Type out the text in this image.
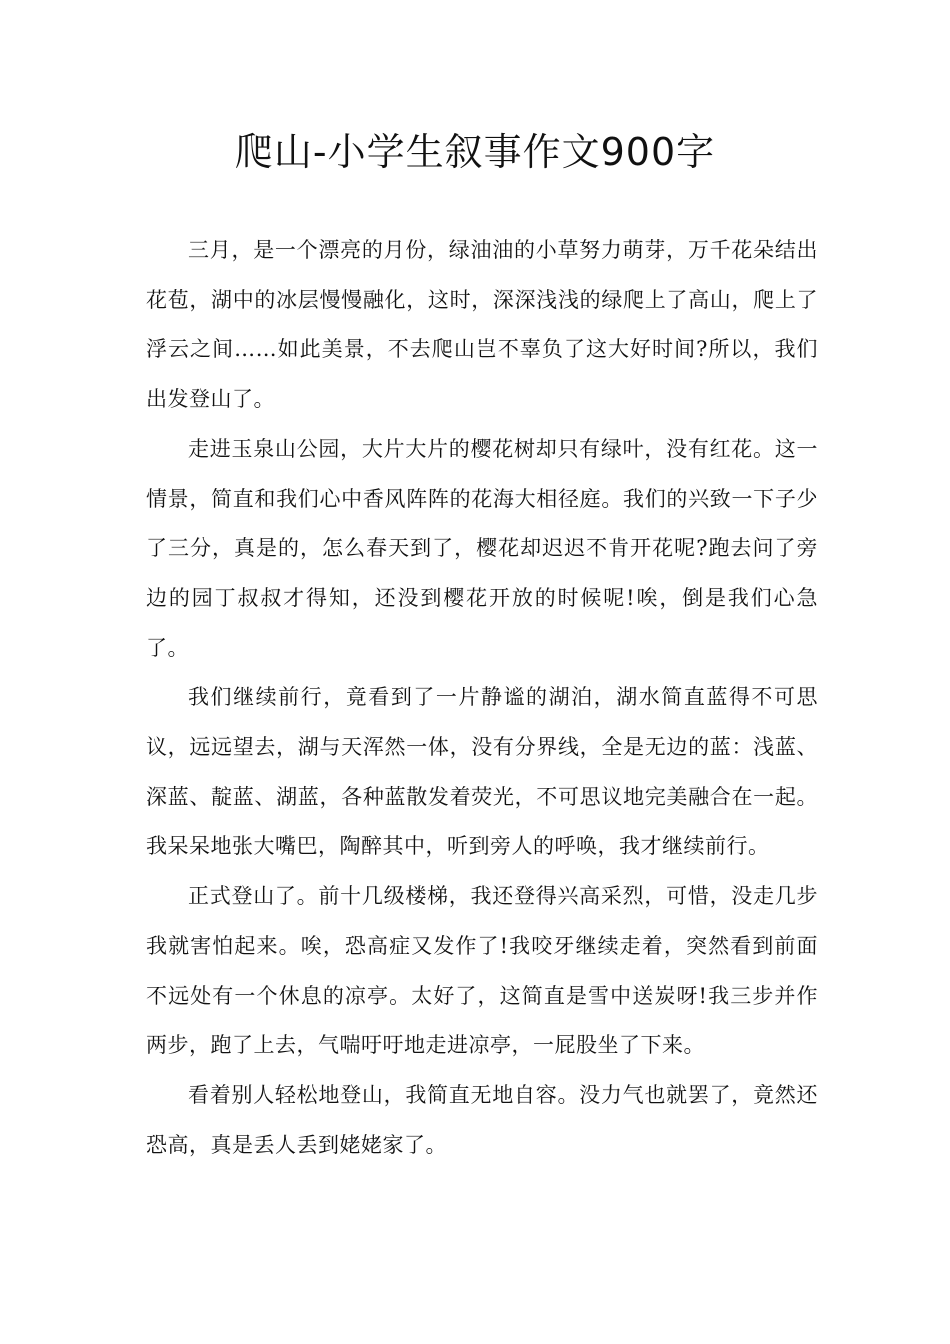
爬山-小学生叙事作文900字

三月，是一个漂亮的月份，绿油油的小草努力萌芽，万千花朵结出花苞，湖中的冰层慢慢融化，这时，深深浅浅的绿爬上了高山，爬上了浮云之间……如此美景，不去爬山岂不辜负了这大好时间?所以，我们出发登山了。

走进玉泉山公园，大片大片的樱花树却只有绿叶，没有红花。这一情景，简直和我们心中香风阵阵的花海大相径庭。我们的兴致一下子少了三分，真是的，怎么春天到了，樱花却迟迟不肯开花呢?跑去问了旁边的园丁叔叔才得知，还没到樱花开放的时候呢!唉，倒是我们心急了。

我们继续前行，竟看到了一片静谧的湖泊，湖水简直蓝得不可思议，远远望去，湖与天浑然一体，没有分界线，全是无边的蓝：浅蓝、深蓝、靛蓝、湖蓝，各种蓝散发着荧光，不可思议地完美融合在一起。我呆呆地张大嘴巴，陶醉其中，听到旁人的呼唤，我才继续前行。

正式登山了。前十几级楼梯，我还登得兴高采烈，可惜，没走几步我就害怕起来。唉，恐高症又发作了!我咬牙继续走着，突然看到前面不远处有一个休息的凉亭。太好了，这简直是雪中送炭呀!我三步并作两步，跑了上去，气喘吁吁地走进凉亭，一屁股坐了下来。

看着别人轻松地登山，我简直无地自容。没力气也就罢了，竟然还恐高，真是丢人丢到姥姥家了。
